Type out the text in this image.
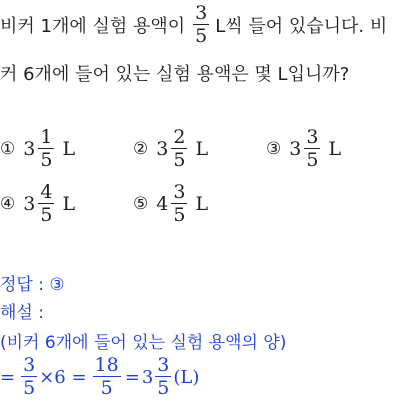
비커 1개에 실험 용액이 $\frac{3}{5}$ L씩 들어 있습니다. 비
커 6개에 들어 있는 실험 용액은 몇 L입니까?
① $3 \frac{1}{5}$ L	② $3 \frac{2}{5}$ L	③ $3 \frac{3}{5}$ L
④ $3 \frac{4}{5}$ L	⑤ $4 \frac{3}{5}$ L
정답 : ③
해설 :
(비커 6개에 들어 있는 실험 용액의 양)
= $\frac{3}{5} \times 6 = \frac{18}{5} = 3 \frac{3}{5} (L)$
